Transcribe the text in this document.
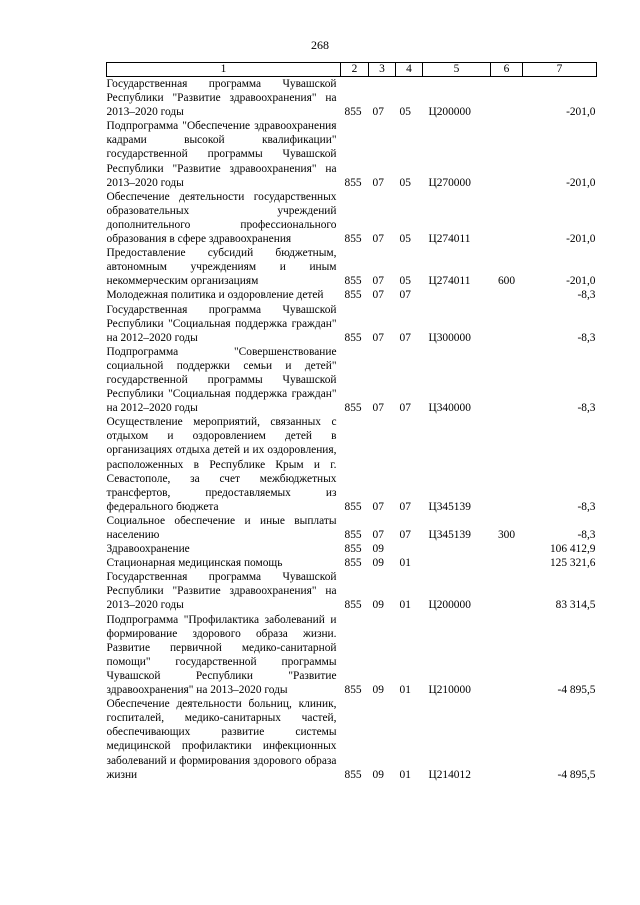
268
1	2	3	4	5	6	7
Государственная программа Чувашской Республики "Развитие здравоохранения" на 2013–2020 годы	855	07	05	Ц200000		-201,0
Подпрограмма "Обеспечение здравоохранения кадрами высокой квалификации" государственной программы Чувашской Республики "Развитие здравоохранения" на 2013–2020 годы	855	07	05	Ц270000		-201,0
Обеспечение деятельности государственных образовательных учреждений дополнительного профессионального образования в сфере здравоохранения	855	07	05	Ц274011		-201,0
Предоставление субсидий бюджетным, автономным учреждениям и иным некоммерческим организациям	855	07	05	Ц274011	600	-201,0
Молодежная политика и оздоровление детей	855	07	07			-8,3
Государственная программа Чувашской Республики "Социальная поддержка граждан" на 2012–2020 годы	855	07	07	Ц300000		-8,3
Подпрограмма "Совершенствование социальной поддержки семьи и детей" государственной программы Чувашской Республики "Социальная поддержка граждан" на 2012–2020 годы	855	07	07	Ц340000		-8,3
Осуществление мероприятий, связанных с отдыхом и оздоровлением детей в организациях отдыха детей и их оздоровления, расположенных в Республике Крым и г. Севастополе, за счет межбюджетных трансфертов, предоставляемых из федерального бюджета	855	07	07	Ц345139		-8,3
Социальное обеспечение и иные выплаты населению	855	07	07	Ц345139	300	-8,3
Здравоохранение	855	09				106 412,9
Стационарная медицинская помощь	855	09	01			125 321,6
Государственная программа Чувашской Республики "Развитие здравоохранения" на 2013–2020 годы	855	09	01	Ц200000		83 314,5
Подпрограмма "Профилактика заболеваний и формирование здорового образа жизни. Развитие первичной медико-санитарной помощи" государственной программы Чувашской Республики "Развитие здравоохранения" на 2013–2020 годы	855	09	01	Ц210000		-4 895,5
Обеспечение деятельности больниц, клиник, госпиталей, медико-санитарных частей, обеспечивающих развитие системы медицинской профилактики инфекционных заболеваний и формирования здорового образа жизни	855	09	01	Ц214012		-4 895,5
